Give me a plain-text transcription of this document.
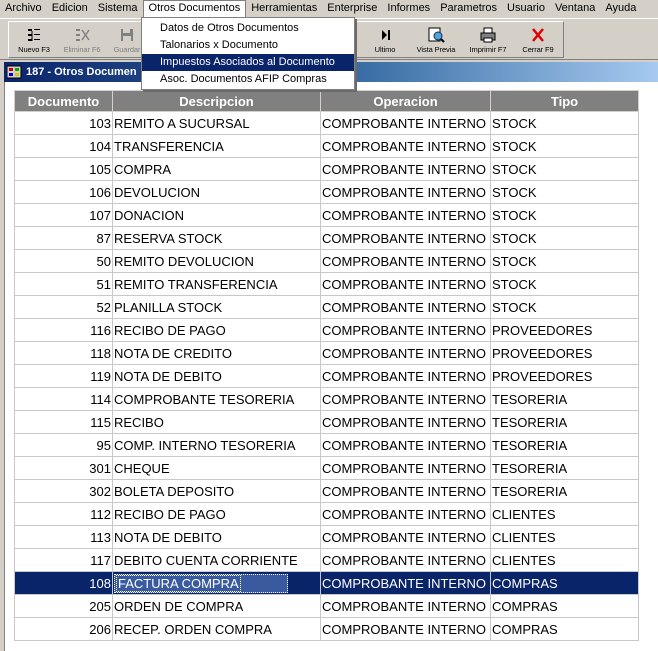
Archivo Edicion Sistema	Otros Documentos	Herramientas Enterprise Informes Parametros Usuario Ventana Ayuda
Nuevo F3	Eliminar F6	Guardar	Ultimo	Vista Previa	Imprimir F7	Cerrar F9
187 - Otros Documen
Documento	Descripcion	Operacion	Tipo
103	REMITO A SUCURSAL	COMPROBANTE INTERNO	STOCK
104	TRANSFERENCIA	COMPROBANTE INTERNO	STOCK
105	COMPRA	COMPROBANTE INTERNO	STOCK
106	DEVOLUCION	COMPROBANTE INTERNO	STOCK
107	DONACION	COMPROBANTE INTERNO	STOCK
87	RESERVA STOCK	COMPROBANTE INTERNO	STOCK
50	REMITO DEVOLUCION	COMPROBANTE INTERNO	STOCK
51	REMITO TRANSFERENCIA	COMPROBANTE INTERNO	STOCK
52	PLANILLA STOCK	COMPROBANTE INTERNO	STOCK
116	RECIBO DE PAGO	COMPROBANTE INTERNO	PROVEEDORES
118	NOTA DE CREDITO	COMPROBANTE INTERNO	PROVEEDORES
119	NOTA DE DEBITO	COMPROBANTE INTERNO	PROVEEDORES
114	COMPROBANTE TESORERIA	COMPROBANTE INTERNO	TESORERIA
115	RECIBO	COMPROBANTE INTERNO	TESORERIA
95	COMP. INTERNO TESORERIA	COMPROBANTE INTERNO	TESORERIA
301	CHEQUE	COMPROBANTE INTERNO	TESORERIA
302	BOLETA DEPOSITO	COMPROBANTE INTERNO	TESORERIA
112	RECIBO DE PAGO	COMPROBANTE INTERNO	CLIENTES
113	NOTA DE DEBITO	COMPROBANTE INTERNO	CLIENTES
117	DEBITO CUENTA CORRIENTE	COMPROBANTE INTERNO	CLIENTES
108	FACTURA COMPRA	COMPROBANTE INTERNO	COMPRAS
205	ORDEN DE COMPRA	COMPROBANTE INTERNO	COMPRAS
206	RECEP. ORDEN COMPRA	COMPROBANTE INTERNO	COMPRAS
Datos de Otros Documentos
Talonarios x Documento
Impuestos Asociados al Documento
Asoc. Documentos AFIP Compras
